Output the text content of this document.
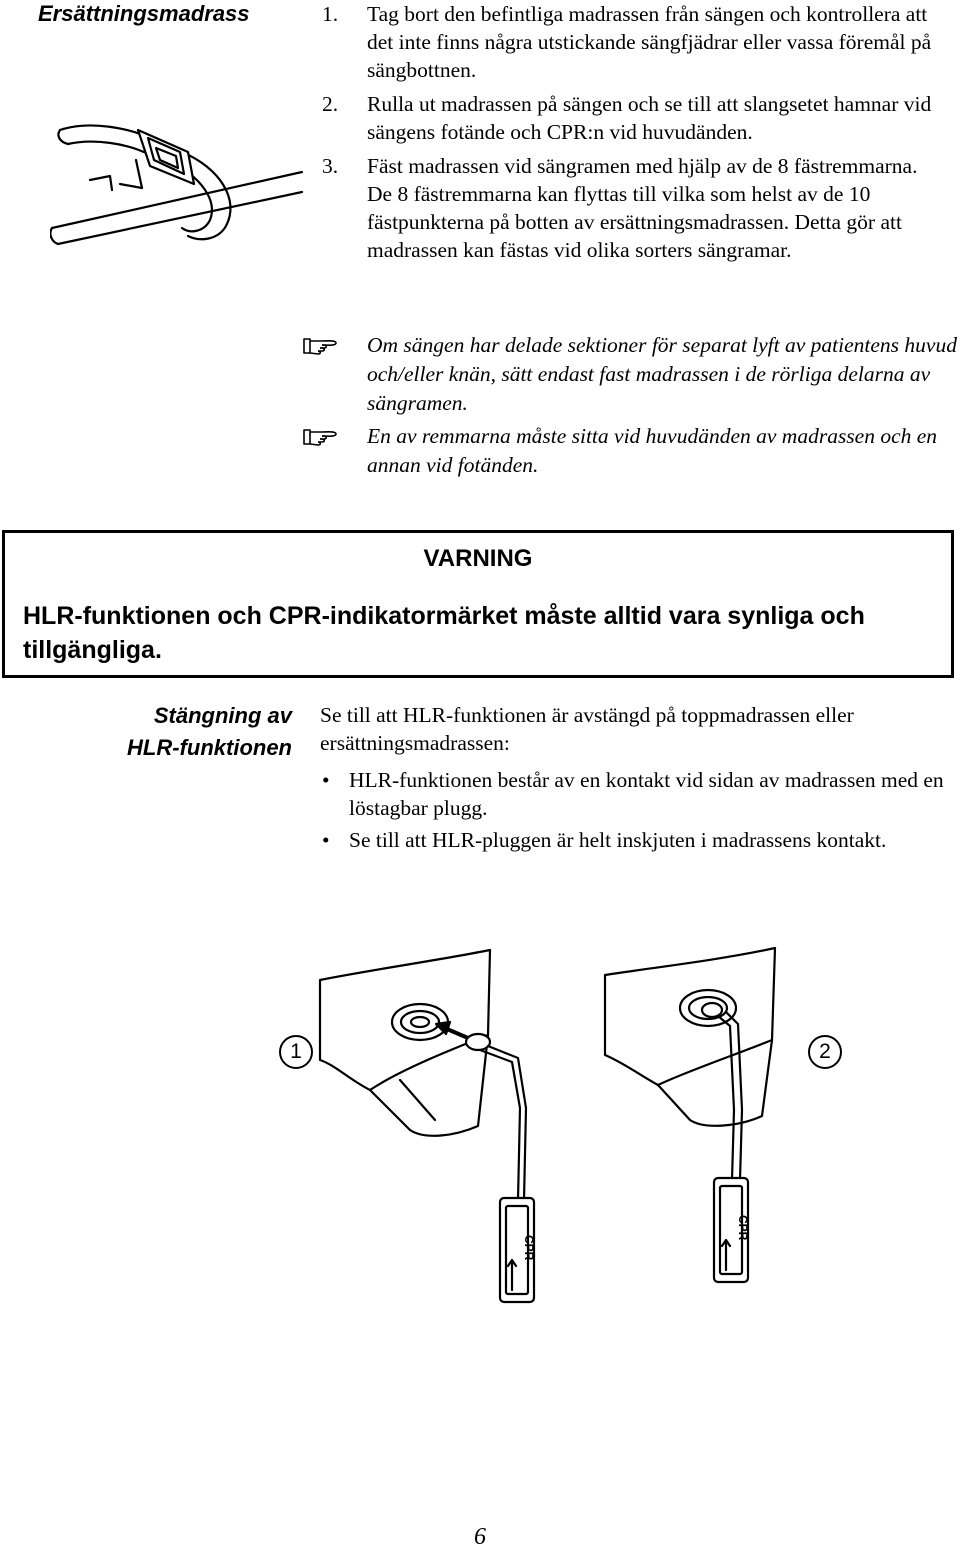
Ersättningsmadrass	1. Tag bort den befintliga madrassen från sängen och kontrollera att det inte finns några utstickande sängfjädrar eller vassa föremål på sängbottnen.
2. Rulla ut madrassen på sängen och se till att slangsetet hamnar vid sängens fotände och CPR:n vid huvudänden.
3. Fäst madrassen vid sängramen med hjälp av de 8 fästremmarna. De 8 fästremmarna kan flyttas till vilka som helst av de 10 fästpunkterna på botten av ersättningsmadrassen. Detta gör att madrassen kan fästas vid olika sorters sängramar.
Om sängen har delade sektioner för separat lyft av patientens huvud och/eller knän, sätt endast fast madrassen i de rörliga delarna av sängramen.
En av remmarna måste sitta vid huvudänden av madrassen och en annan vid fotänden.
VARNING
HLR-funktionen och CPR-indikatormärket måste alltid vara synliga och tillgängliga.
Stängning av
HLR-funktionen
Se till att HLR-funktionen är avstängd på toppmadrassen eller ersättningsmadrassen:
• HLR-funktionen består av en kontakt vid sidan av madrassen med en löstagbar plugg.
• Se till att HLR-pluggen är helt inskjuten i madrassens kontakt.
CPR
CPR
1	2
6
